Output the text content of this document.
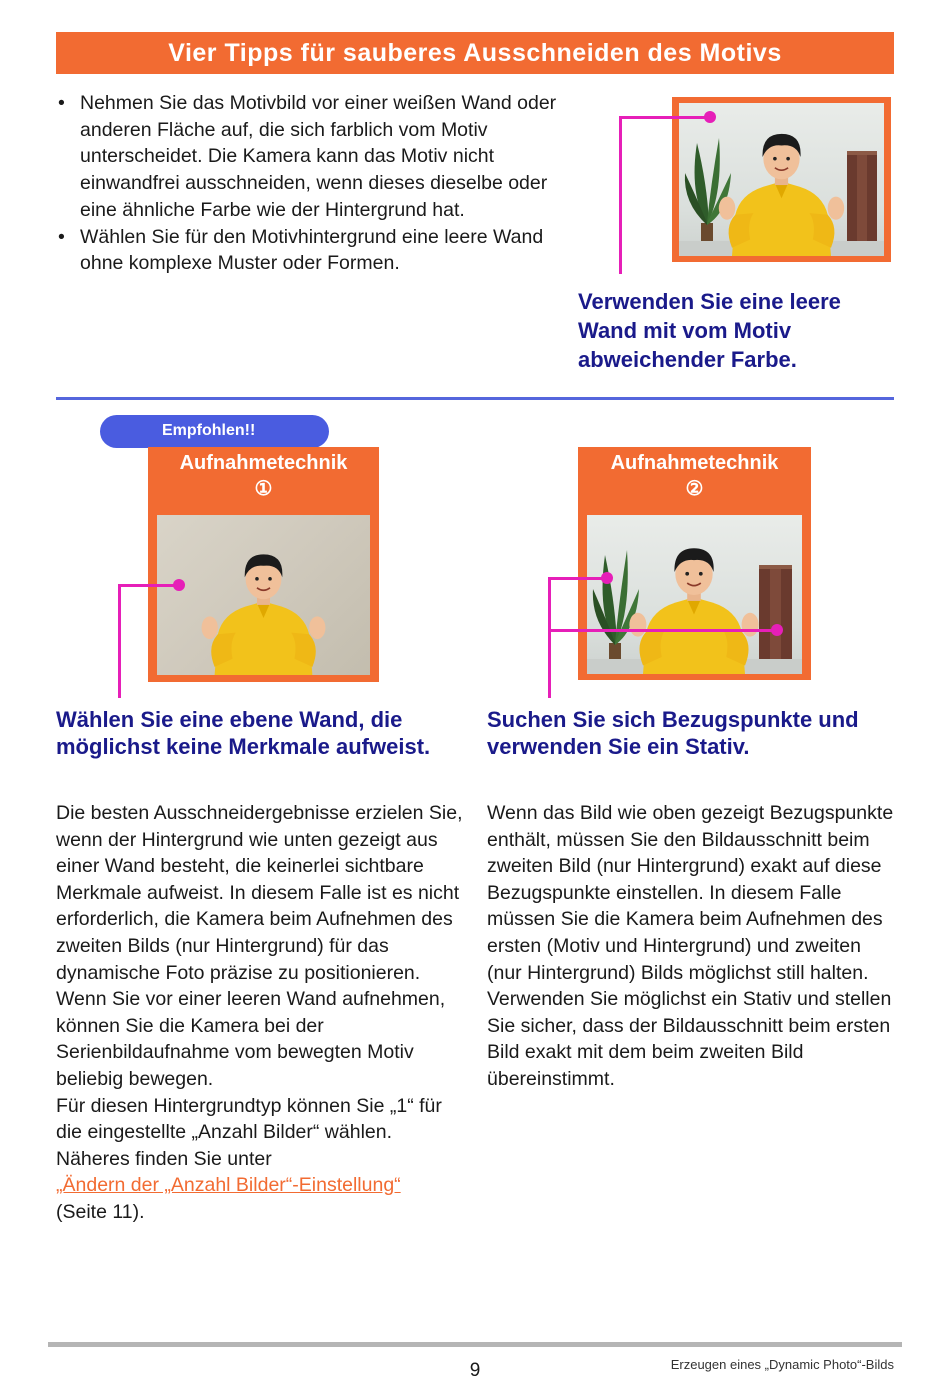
Vier Tipps für sauberes Ausschneiden des Motivs
• Nehmen Sie das Motivbild vor einer weißen Wand oder anderen Fläche auf, die sich farblich vom Motiv unterscheidet. Die Kamera kann das Motiv nicht einwandfrei ausschneiden, wenn dieses dieselbe oder eine ähnliche Farbe wie der Hintergrund hat.
• Wählen Sie für den Motivhintergrund eine leere Wand ohne komplexe Muster oder Formen.
Verwenden Sie eine leere Wand mit vom Motiv abweichender Farbe.
Empfohlen!!
Aufnahmetechnik
①
Aufnahmetechnik
②
Wählen Sie eine ebene Wand, die möglichst keine Merkmale aufweist.
Die besten Ausschneidergebnisse erzielen Sie, wenn der Hintergrund wie unten gezeigt aus einer Wand besteht, die keinerlei sichtbare Merkmale aufweist. In diesem Falle ist es nicht erforderlich, die Kamera beim Aufnehmen des zweiten Bilds (nur Hintergrund) für das dynamische Foto präzise zu positionieren. Wenn Sie vor einer leeren Wand aufnehmen, können Sie die Kamera bei der Serienbildaufnahme vom bewegten Motiv beliebig bewegen.
Für diesen Hintergrundtyp können Sie „1“ für die eingestellte „Anzahl Bilder“ wählen. Näheres finden Sie unter
„Ändern der „Anzahl Bilder“-Einstellung“
(Seite 11).
Suchen Sie sich Bezugspunkte und verwenden Sie ein Stativ.
Wenn das Bild wie oben gezeigt Bezugspunkte enthält, müssen Sie den Bildausschnitt beim zweiten Bild (nur Hintergrund) exakt auf diese Bezugspunkte einstellen. In diesem Falle müssen Sie die Kamera beim Aufnehmen des ersten (Motiv und Hintergrund) und zweiten (nur Hintergrund) Bilds möglichst still halten. Verwenden Sie möglichst ein Stativ und stellen Sie sicher, dass der Bildausschnitt beim ersten Bild exakt mit dem beim zweiten Bild übereinstimmt.
9	Erzeugen eines „Dynamic Photo“-Bilds
